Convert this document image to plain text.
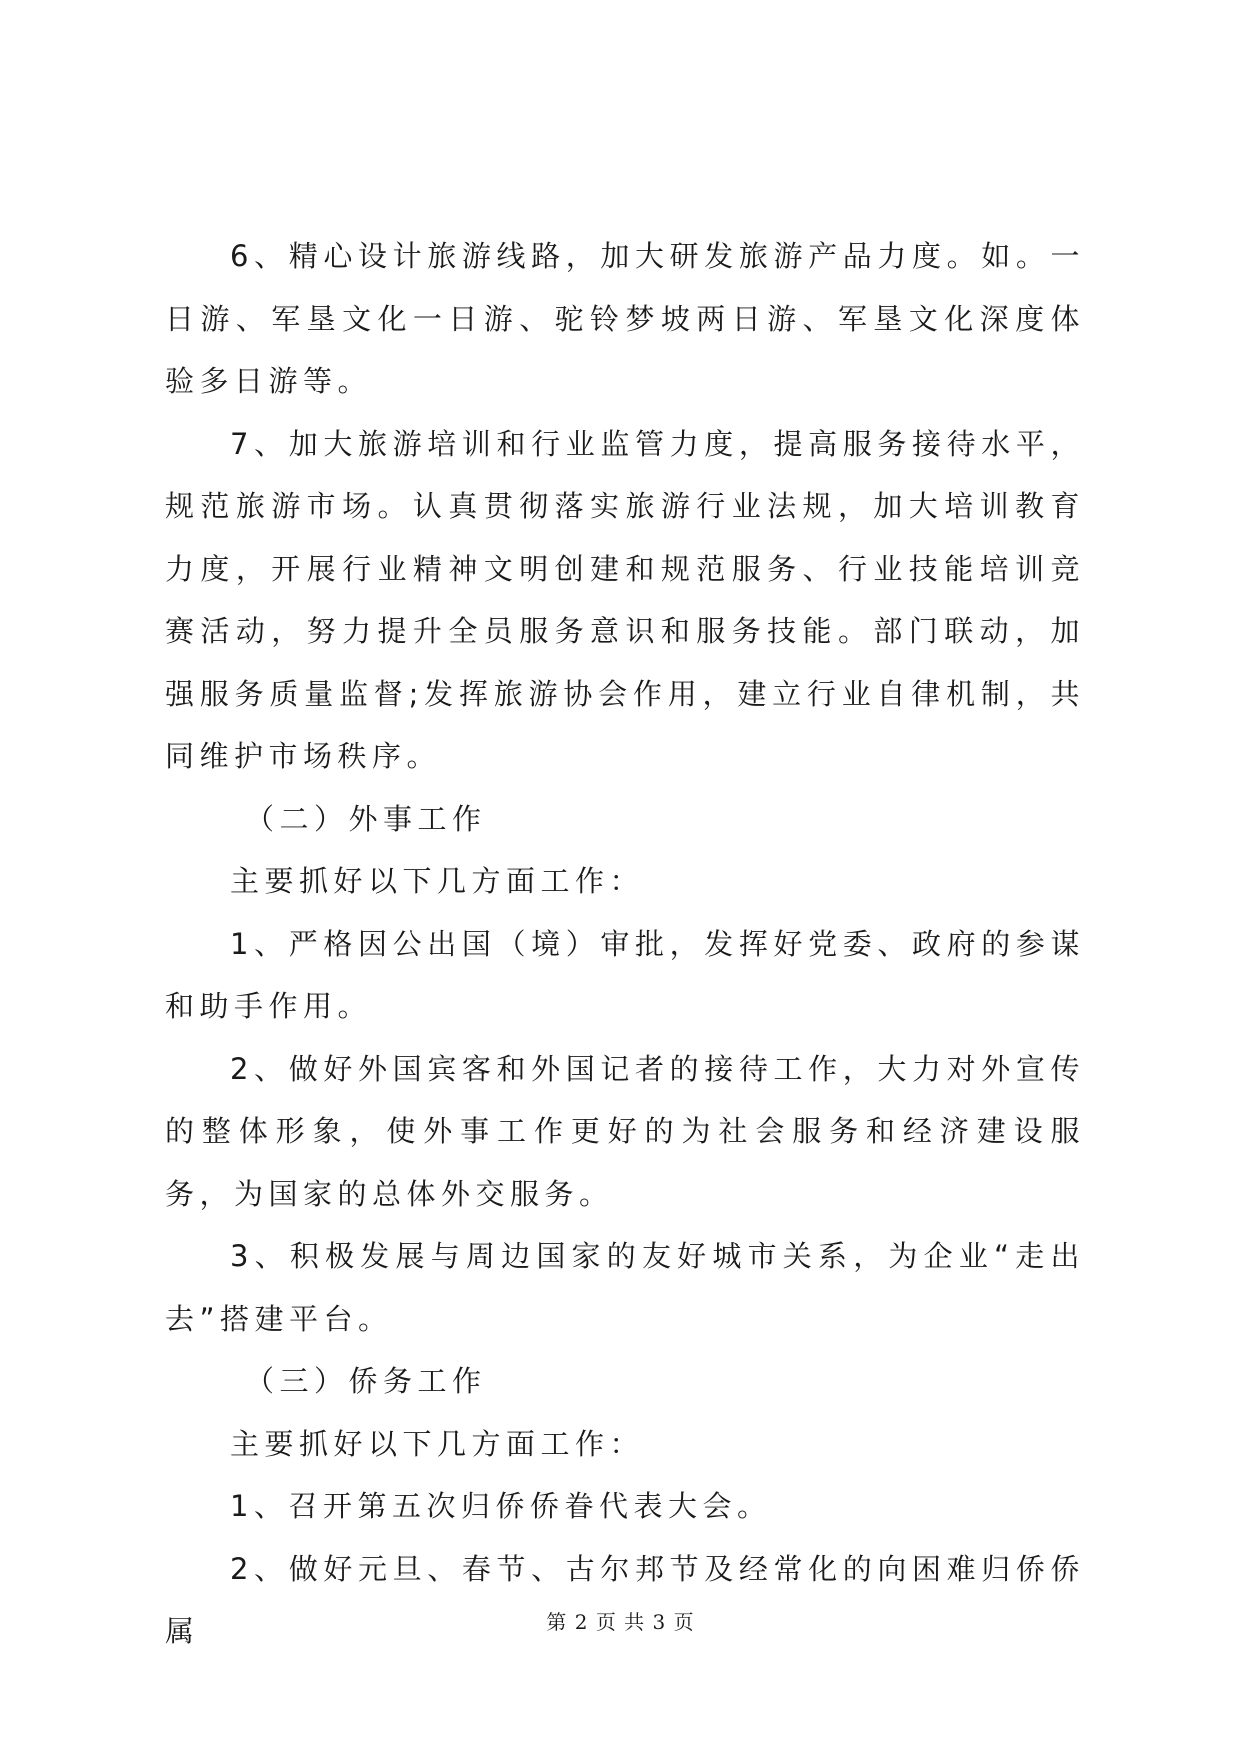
6、精心设计旅游线路，加大研发旅游产品力度。如。一日游、军垦文化一日游、驼铃梦坡两日游、军垦文化深度体验多日游等。

7、加大旅游培训和行业监管力度，提高服务接待水平，规范旅游市场。认真贯彻落实旅游行业法规，加大培训教育力度，开展行业精神文明创建和规范服务、行业技能培训竞赛活动，努力提升全员服务意识和服务技能。部门联动，加强服务质量监督;发挥旅游协会作用，建立行业自律机制，共同维护市场秩序。

（二）外事工作

主要抓好以下几方面工作：

1、严格因公出国（境）审批，发挥好党委、政府的参谋和助手作用。

2、做好外国宾客和外国记者的接待工作，大力对外宣传的整体形象，使外事工作更好的为社会服务和经济建设服务，为国家的总体外交服务。

3、积极发展与周边国家的友好城市关系，为企业“走出去”搭建平台。

（三）侨务工作

主要抓好以下几方面工作：

1、召开第五次归侨侨眷代表大会。

2、做好元旦、春节、古尔邦节及经常化的向困难归侨侨属	第 2 页 共 3 页
